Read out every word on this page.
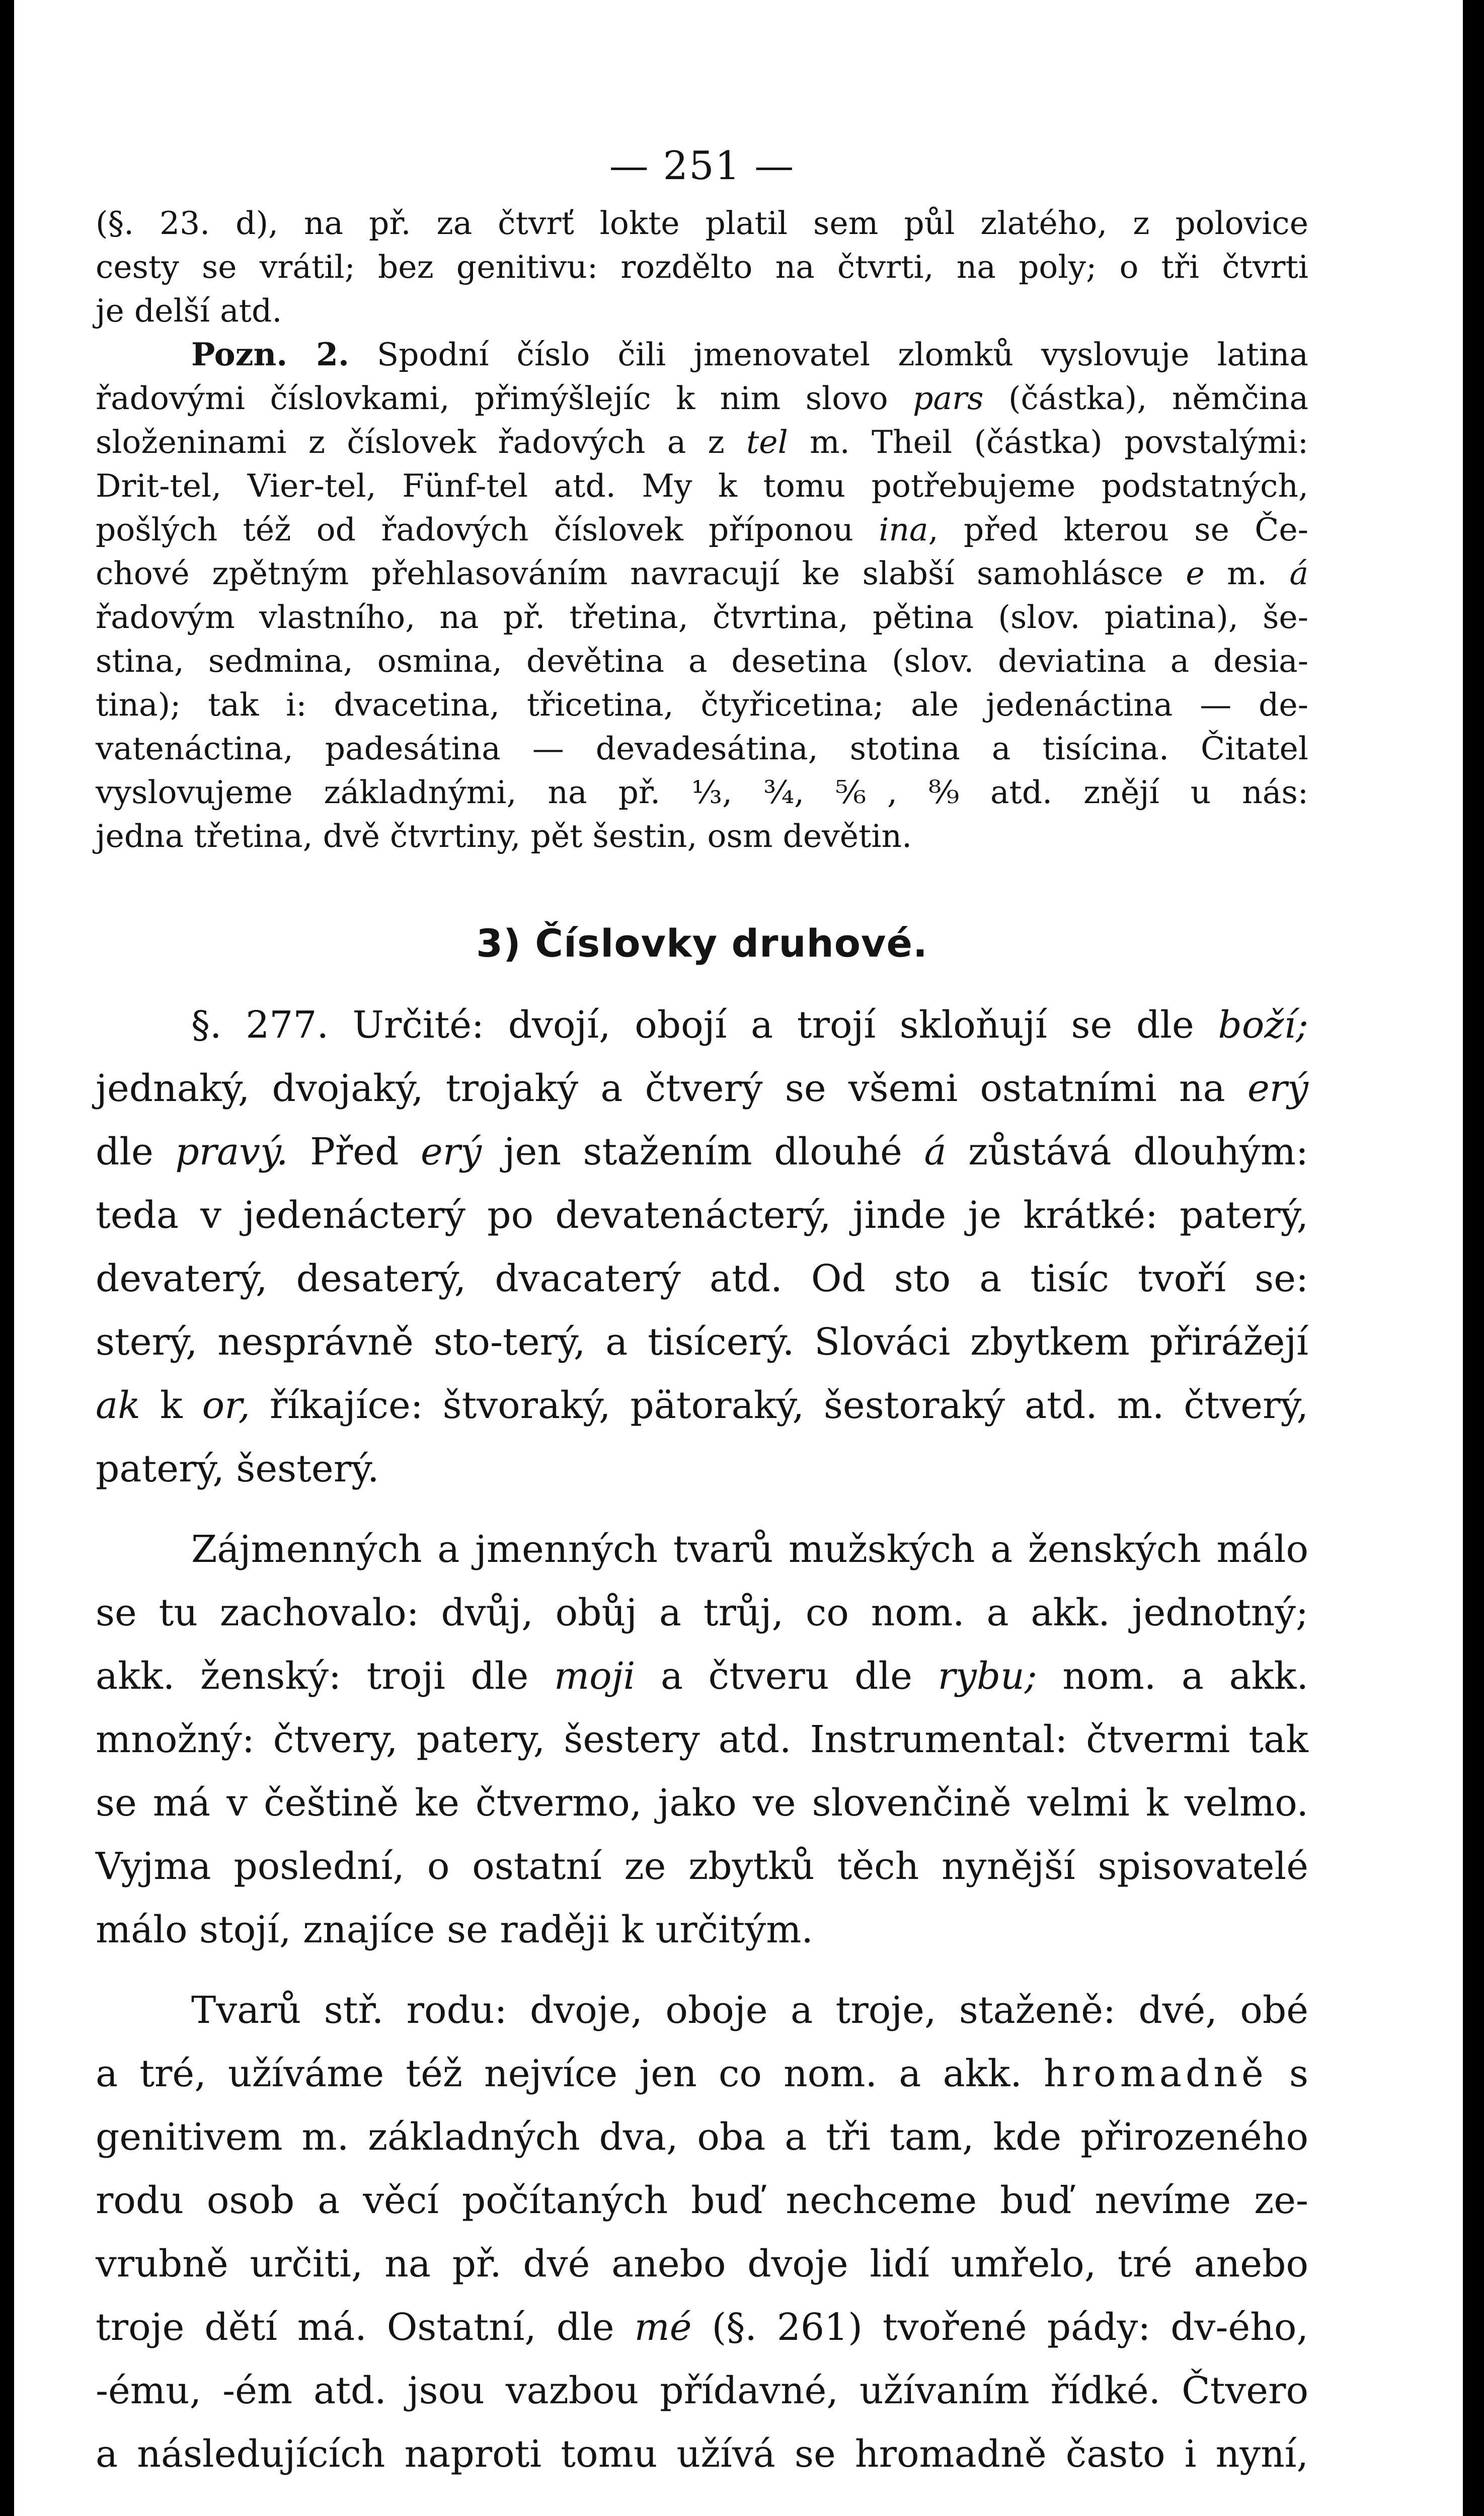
— 251 —

(§. 23. d), na př. za čtvrť lokte platil sem půl zlatého, z polovice

cesty se vrátil; bez genitivu: rozdělto na čtvrti, na poly; o tři čtvrti

je delší atd.

Pozn. 2. Spodní číslo čili jmenovatel zlomků vyslovuje latina

řadovými číslovkami, přimýšlejíc k nim slovo pars (částka), němčina

složeninami z číslovek řadových a z tel m. Theil (částka) povstalými:

Drit-tel, Vier-tel, Fünf-tel atd. My k tomu potřebujeme podstatných,

pošlých též od řadových číslovek příponou ina, před kterou se Če-

chové zpětným přehlasováním navracují ke slabší samohlásce e m. á

řadovým vlastního, na př. třetina, čtvrtina, pětina (slov. piatina), še-

stina, sedmina, osmina, devětina a desetina (slov. deviatina a desia-

tina); tak i: dvacetina, třicetina, čtyřicetina; ale jedenáctina — de-

vatenáctina, padesátina — devadesátina, stotina a tisícina. Čitatel

vyslovujeme základnými, na př. ⅓, ¾, ⅚, ⁸⁄₉ atd. znějí u nás:

jedna třetina, dvě čtvrtiny, pět šestin, osm devětin.

3) Číslovky druhové.

§. 277. Určité: dvojí, obojí a trojí skloňují se dle boží;

jednaký, dvojaký, trojaký a čtverý se všemi ostatními na erý

dle pravý. Před erý jen stažením dlouhé á zůstává dlouhým:

teda v jedenácterý po devatenácterý, jinde je krátké: paterý,

devaterý, desaterý, dvacaterý atd. Od sto a tisíc tvoří se:

sterý, nesprávně sto-terý, a tisícerý. Slováci zbytkem přirážejí

ak k or, říkajíce: štvoraký, pätoraký, šestoraký atd. m. čtverý,

paterý, šesterý.

Zájmenných a jmenných tvarů mužských a ženských málo

se tu zachovalo: dvůj, obůj a trůj, co nom. a akk. jednotný;

akk. ženský: troji dle moji a čtveru dle rybu; nom. a akk.

množný: čtvery, patery, šestery atd. Instrumental: čtvermi tak

se má v češtině ke čtvermo, jako ve slovenčině velmi k velmo.

Vyjma poslední, o ostatní ze zbytků těch nynější spisovatelé

málo stojí, znajíce se raději k určitým.

Tvarů stř. rodu: dvoje, oboje a troje, staženě: dvé, obé

a tré, užíváme též nejvíce jen co nom. a akk. hromadně s

genitivem m. základných dva, oba a tři tam, kde přirozeného

rodu osob a věcí počítaných buď nechceme buď nevíme ze-

vrubně určiti, na př. dvé anebo dvoje lidí umřelo, tré anebo

troje dětí má. Ostatní, dle mé (§. 261) tvořené pády: dv-ého,

-ému, -ém atd. jsou vazbou přídavné, užívaním řídké. Čtvero

a následujících naproti tomu užívá se hromadně často i nyní,
